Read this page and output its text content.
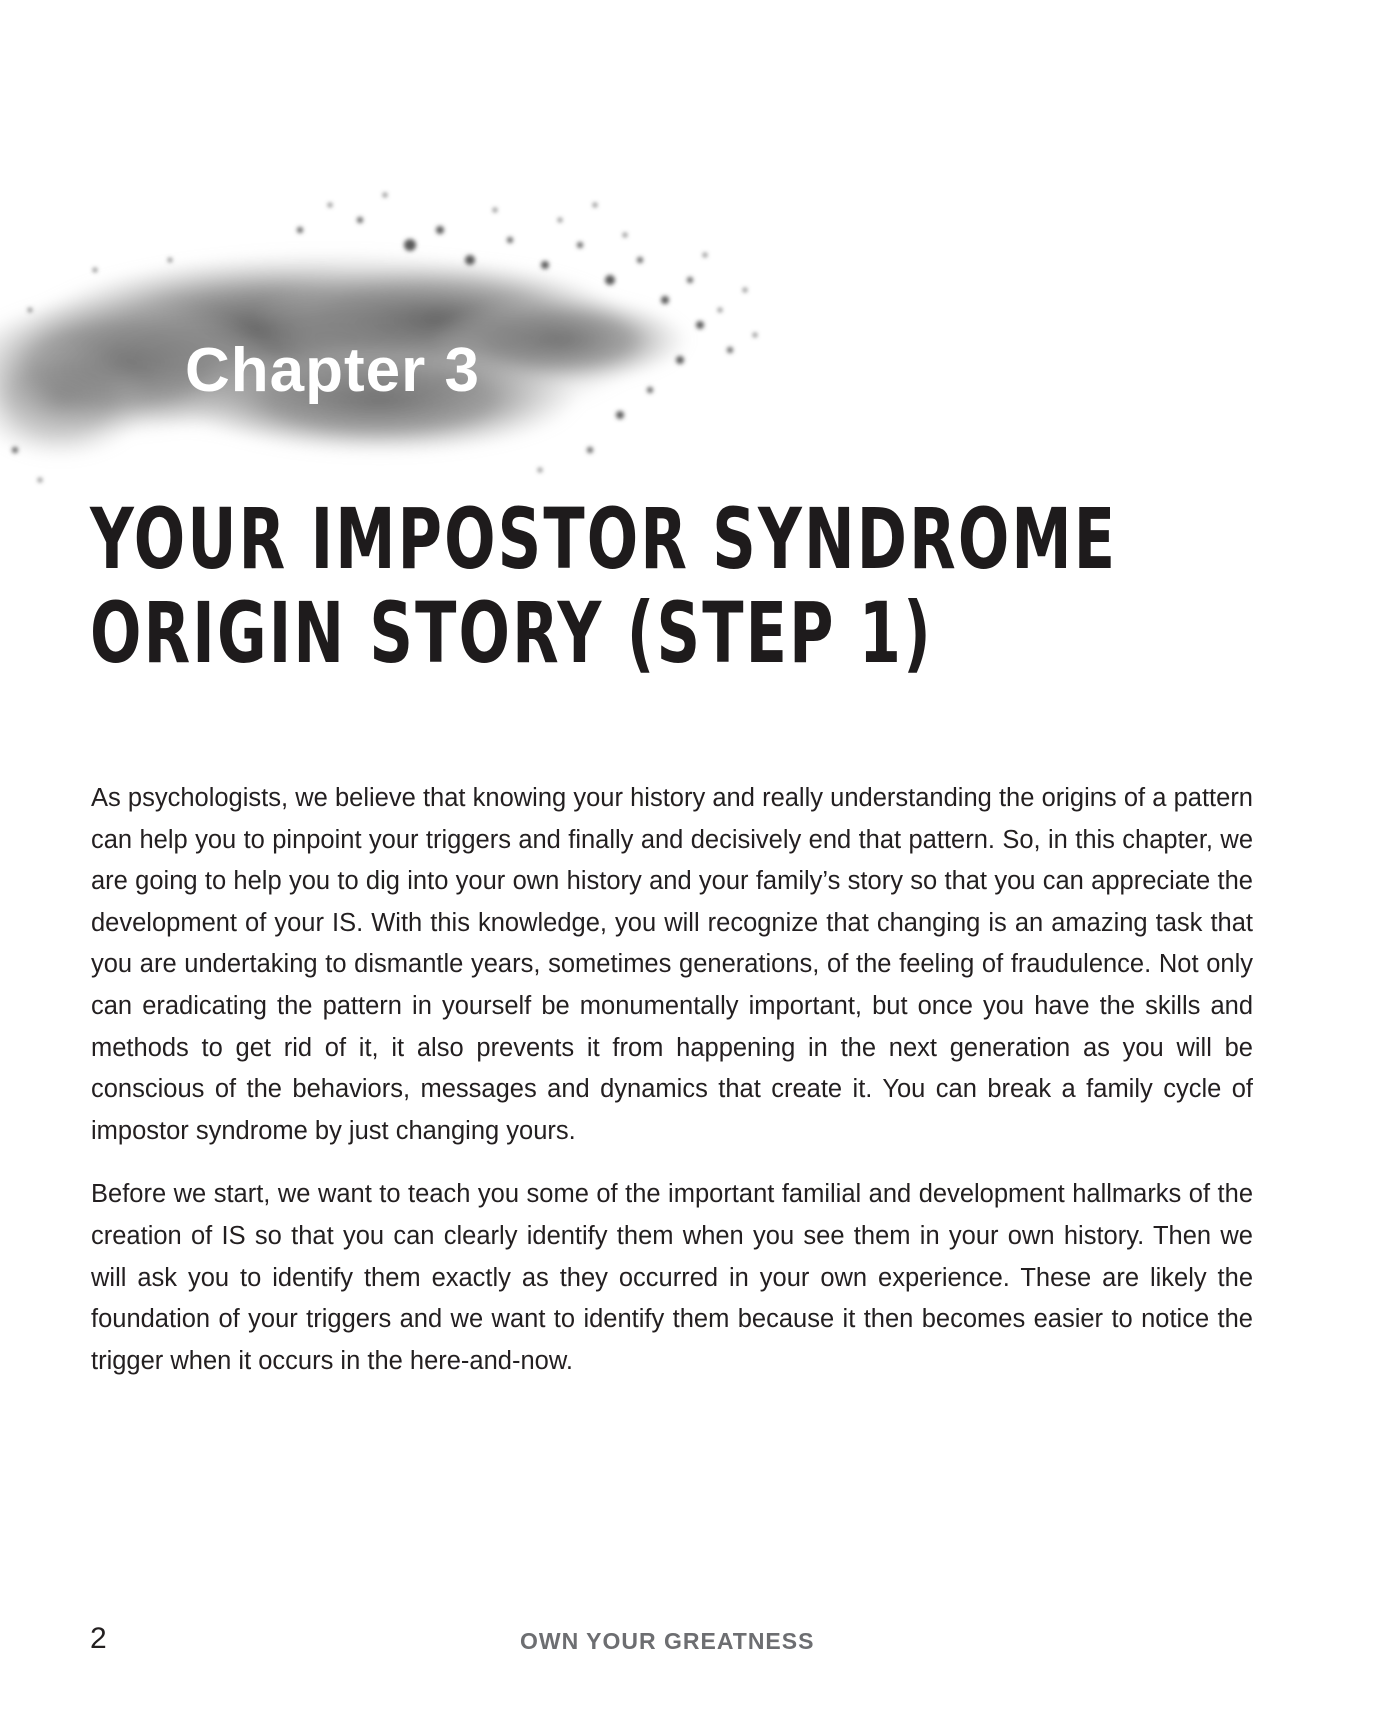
Chapter 3
YOUR IMPOSTOR SYNDROME
ORIGIN STORY (STEP 1)

As psychologists, we believe that knowing your history and really understanding the origins of a pattern can help you to pinpoint your triggers and finally and decisively end that pattern. So, in this chapter, we are going to help you to dig into your own history and your family’s story so that you can appreciate the development of your IS. With this knowledge, you will recognize that changing is an amazing task that you are undertaking to dismantle years, sometimes generations, of the feeling of fraudulence. Not only can eradicating the pattern in yourself be monumentally important, but once you have the skills and methods to get rid of it, it also prevents it from happening in the next generation as you will be conscious of the behaviors, messages and dynamics that create it. You can break a family cycle of impostor syndrome by just changing yours.

Before we start, we want to teach you some of the important familial and development hallmarks of the creation of IS so that you can clearly identify them when you see them in your own history. Then we will ask you to identify them exactly as they occurred in your own experience. These are likely the foundation of your triggers and we want to identify them because it then becomes easier to notice the trigger when it occurs in the here-and-now.

2	OWN YOUR GREATNESS
